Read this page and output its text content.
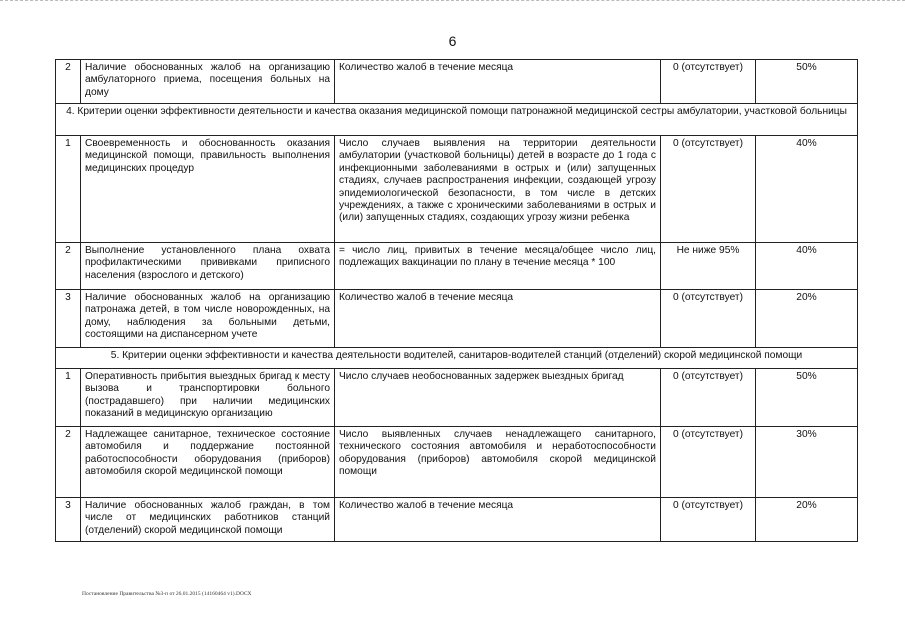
6
2	Наличие обоснованных жалоб на организацию амбулаторного приема, посещения больных на дому	Количество жалоб в течение месяца	0 (отсутствует)	50%
4. Критерии оценки эффективности деятельности и качества оказания медицинской помощи патронажной медицинской сестры амбулатории, участковой больницы				
1	Своевременность и обоснованность оказания медицинской помощи, правильность выполнения медицинских процедур	Число случаев выявления на территории деятельности амбулатории (участковой больницы) детей в возрасте до 1 года с инфекционными заболеваниями в острых и (или) запущенных стадиях, случаев распространения инфекции, создающей угрозу эпидемиологической безопасности, в том числе в детских учреждениях, а также с хроническими заболеваниями в острых и (или) запущенных стадиях, создающих угрозу жизни ребенка	0 (отсутствует)	40%
2	Выполнение установленного плана охвата профилактическими прививками приписного населения (взрослого и детского)	= число лиц, привитых в течение месяца/общее число лиц, подлежащих вакцинации по плану в течение месяца * 100	Не ниже 95%	40%
3	Наличие обоснованных жалоб на организацию патронажа детей, в том числе новорожденных, на дому, наблюдения за больными детьми, состоящими на диспансерном учете	Количество жалоб в течение месяца	0 (отсутствует)	20%
5. Критерии оценки эффективности и качества деятельности водителей, санитаров-водителей станций (отделений) скорой медицинской помощи				
1	Оперативность прибытия выездных бригад к месту вызова и транспортировки больного (пострадавшего) при наличии медицинских показаний в медицинскую организацию	Число случаев необоснованных задержек выездных бригад	0 (отсутствует)	50%
2	Надлежащее санитарное, техническое состояние автомобиля и поддержание постоянной работоспособности оборудования (приборов) автомобиля скорой медицинской помощи	Число выявленных случаев ненадлежащего санитарного, технического состояния автомобиля и неработоспособности оборудования (приборов) автомобиля скорой медицинской помощи	0 (отсутствует)	30%
3	Наличие обоснованных жалоб граждан, в том числе от медицинских работников станций (отделений) скорой медицинской помощи	Количество жалоб в течение месяца	0 (отсутствует)	20%
Постановление Правительства №3-п от 26.01.2015 (14160464 v1).DOCX
